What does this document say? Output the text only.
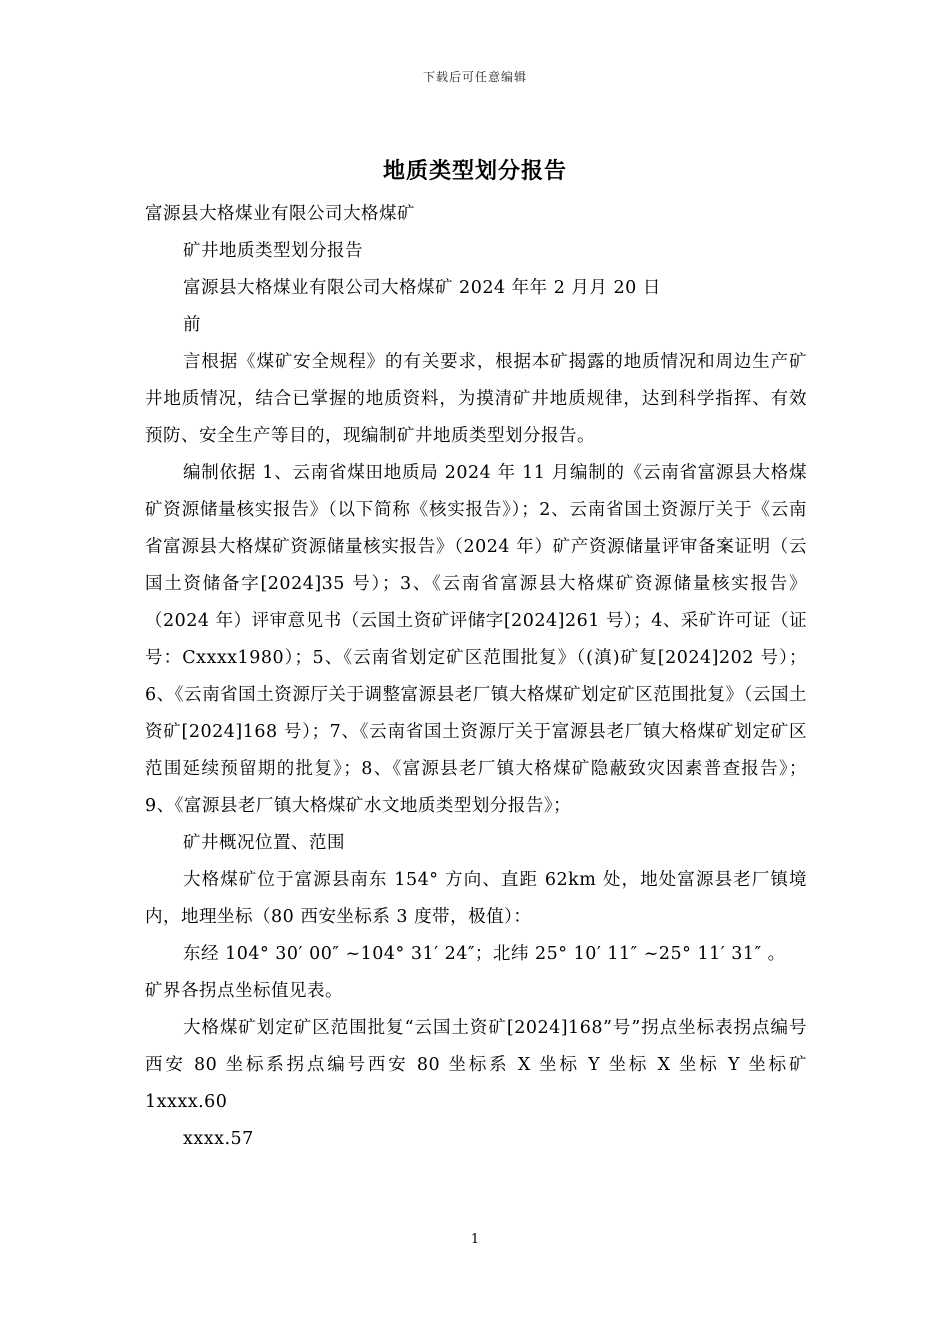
下载后可任意编辑
地质类型划分报告

富源县大格煤业有限公司大格煤矿

矿井地质类型划分报告

富源县大格煤业有限公司大格煤矿 2024 年年 2 月月 20 日

前

言根据《煤矿安全规程》的有关要求，根据本矿揭露的地质情况和周边生产矿井地质情况，结合已掌握的地质资料，为摸清矿井地质规律，达到科学指挥、有效预防、安全生产等目的，现编制矿井地质类型划分报告。

编制依据 1、云南省煤田地质局 2024 年 11 月编制的《云南省富源县大格煤矿资源储量核实报告》（以下简称《核实报告》）；2、云南省国土资源厅关于《云南省富源县大格煤矿资源储量核实报告》（2024 年）矿产资源储量评审备案证明（云国土资储备字[2024]35 号）；3、《云南省富源县大格煤矿资源储量核实报告》（2024 年）评审意见书（云国土资矿评储字[2024]261 号）；4、采矿许可证（证号：Cxxxx1980）；5、《云南省划定矿区范围批复》（(滇)矿复[2024]202 号）；6、《云南省国土资源厅关于调整富源县老厂镇大格煤矿划定矿区范围批复》（云国土资矿[2024]168 号）；7、《云南省国土资源厅关于富源县老厂镇大格煤矿划定矿区范围延续预留期的批复》；8、《富源县老厂镇大格煤矿隐蔽致灾因素普查报告》；9、《富源县老厂镇大格煤矿水文地质类型划分报告》；

矿井概况位置、范围

大格煤矿位于富源县南东 154° 方向、直距 62km 处，地处富源县老厂镇境内，地理坐标（80 西安坐标系 3 度带，极值）：

东经 104° 30′ 00″ ~104° 31′ 24″；北纬 25° 10′ 11″ ~25° 11′ 31″ 。

矿界各拐点坐标值见表。

大格煤矿划定矿区范围批复“云国土资矿[2024]168”号”拐点坐标表拐点编号西安 80 坐标系拐点编号西安 80 坐标系 X 坐标 Y 坐标 X 坐标 Y 坐标矿 1xxxx.60

xxxx.57

1
